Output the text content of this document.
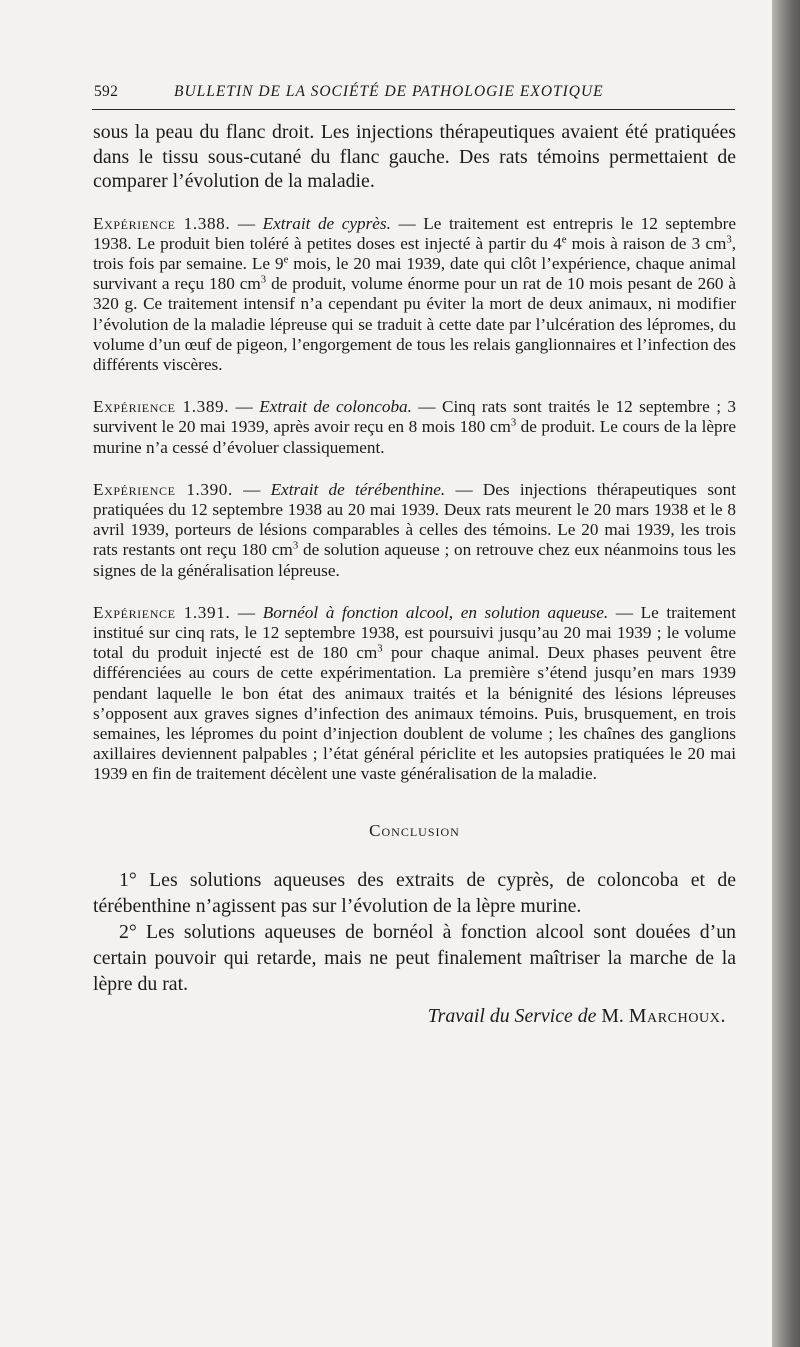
592	BULLETIN DE LA SOCIÉTÉ DE PATHOLOGIE EXOTIQUE

sous la peau du flanc droit. Les injections thérapeutiques avaient été pratiquées dans le tissu sous-cutané du flanc gauche. Des rats témoins permettaient de comparer l’évolution de la maladie.

Expérience 1.388. — Extrait de cyprès. — Le traitement est entrepris le 12 septembre 1938. Le produit bien toléré à petites doses est injecté à partir du 4e mois à raison de 3 $cm^3$, trois fois par semaine. Le 9e mois, le 20 mai 1939, date qui clôt l’expérience, chaque animal survivant a reçu 180 $cm^3$ de produit, volume énorme pour un rat de 10 mois pesant de 260 à 320 g. Ce traitement intensif n’a cependant pu éviter la mort de deux animaux, ni modifier l’évolution de la maladie lépreuse qui se traduit à cette date par l’ulcération des lépromes, du volume d’un œuf de pigeon, l’engorgement de tous les relais ganglionnaires et l’infection des différents viscères.

Expérience 1.389. — Extrait de coloncoba. — Cinq rats sont traités le 12 septembre ; 3 survivent le 20 mai 1939, après avoir reçu en 8 mois 180 $cm^3$ de produit. Le cours de la lèpre murine n’a cessé d’évoluer classiquement.

Expérience 1.390. — Extrait de térébenthine. — Des injections thérapeutiques sont pratiquées du 12 septembre 1938 au 20 mai 1939. Deux rats meurent le 20 mars 1938 et le 8 avril 1939, porteurs de lésions comparables à celles des témoins. Le 20 mai 1939, les trois rats restants ont reçu 180 $cm^3$ de solution aqueuse ; on retrouve chez eux néanmoins tous les signes de la généralisation lépreuse.

Expérience 1.391. — Bornéol à fonction alcool, en solution aqueuse. — Le traitement institué sur cinq rats, le 12 septembre 1938, est poursuivi jusqu’au 20 mai 1939 ; le volume total du produit injecté est de 180 $cm^3$ pour chaque animal. Deux phases peuvent être différenciées au cours de cette expérimentation. La première s’étend jusqu’en mars 1939 pendant laquelle le bon état des animaux traités et la bénignité des lésions lépreuses s’opposent aux graves signes d’infection des animaux témoins. Puis, brusquement, en trois semaines, les lépromes du point d’injection doublent de volume ; les chaînes des ganglions axillaires deviennent palpables ; l’état général périclite et les autopsies pratiquées le 20 mai 1939 en fin de traitement décèlent une vaste généralisation de la maladie.

Conclusion

1° Les solutions aqueuses des extraits de cyprès, de coloncoba et de térébenthine n’agissent pas sur l’évolution de la lèpre murine.

2° Les solutions aqueuses de bornéol à fonction alcool sont douées d’un certain pouvoir qui retarde, mais ne peut finalement maîtriser la marche de la lèpre du rat.

Travail du Service de M. Marchoux.
